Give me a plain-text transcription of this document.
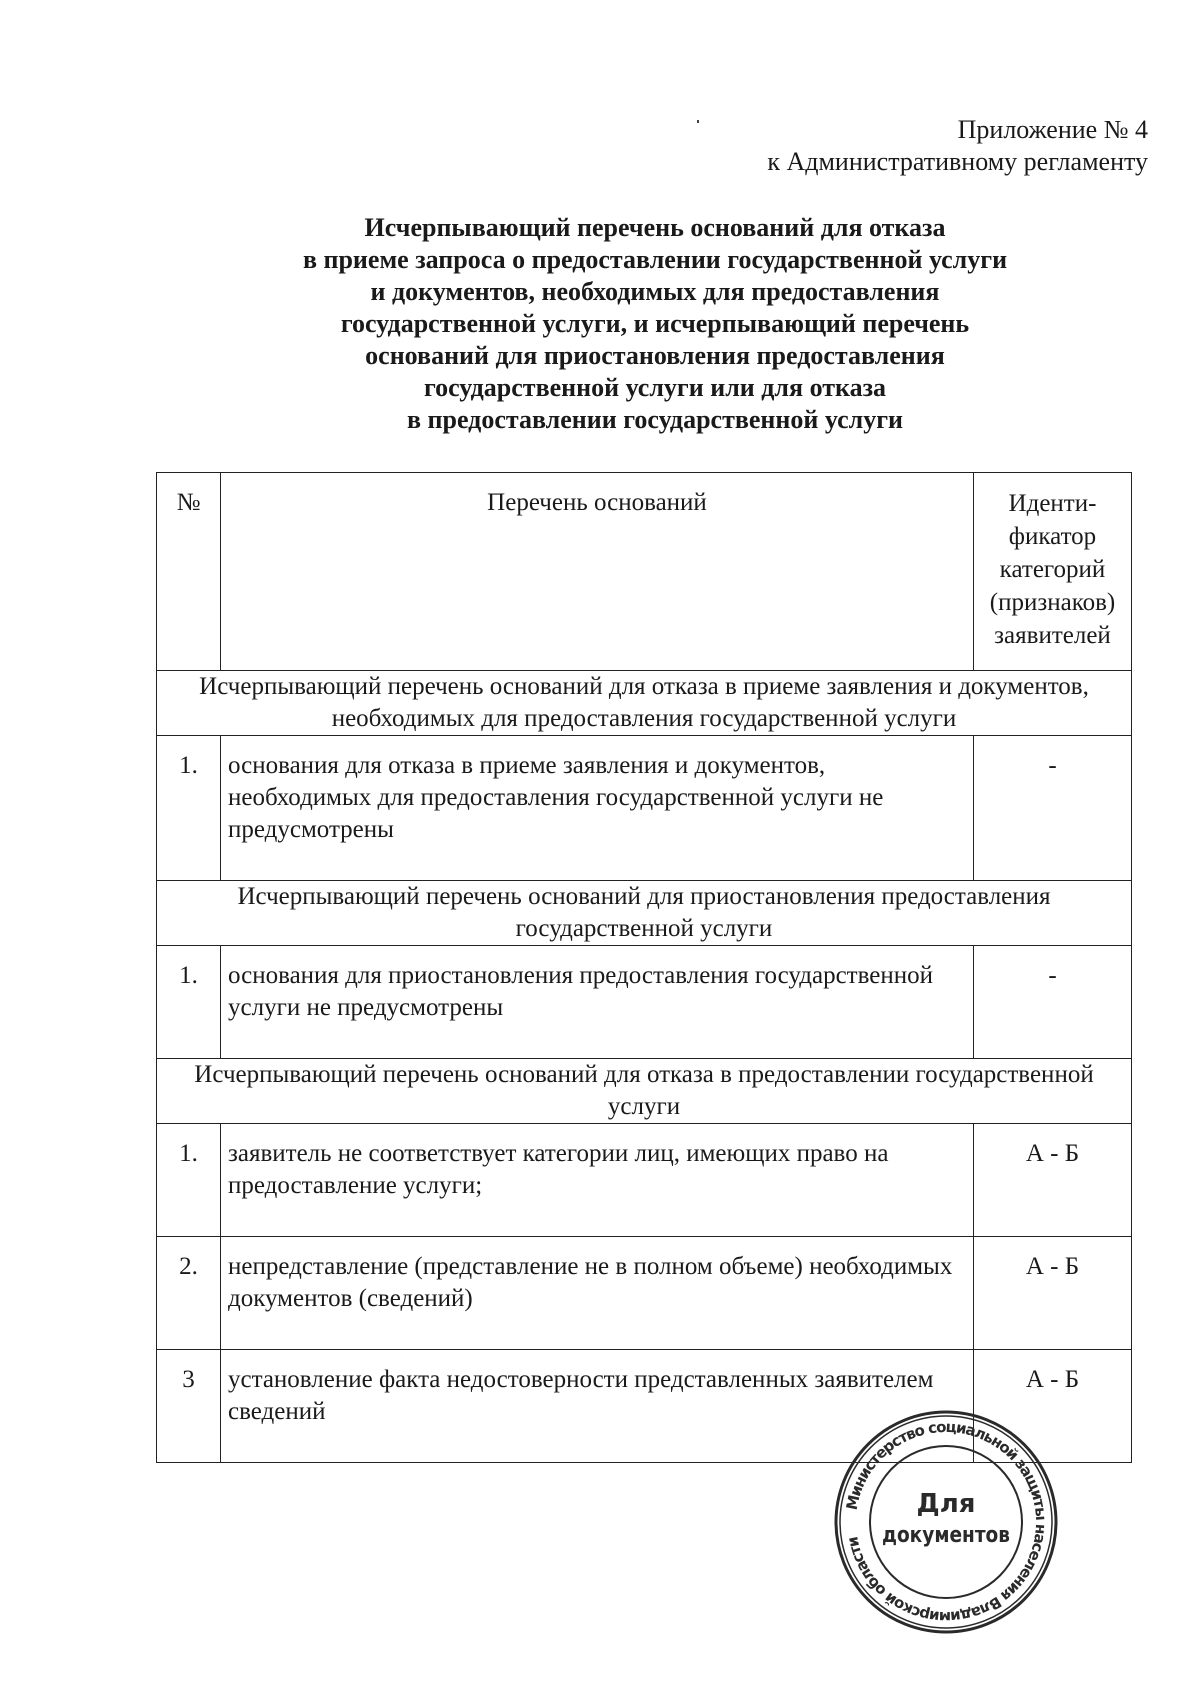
Приложение № 4
к Административному регламенту
Исчерпывающий перечень оснований для отказа
в приеме запроса о предоставлении государственной услуги
и документов, необходимых для предоставления
государственной услуги, и исчерпывающий перечень
оснований для приостановления предоставления
государственной услуги или для отказа
в предоставлении государственной услуги
№	Перечень оснований	Иденти-
фикатор
категорий
(признаков)
заявителей

Исчерпывающий перечень оснований для отказа в приеме заявления и документов, необходимых для предоставления государственной услуги		
1.	основания для отказа в приеме заявления и документов, необходимых для предоставления государственной услуги не предусмотрены	-
Исчерпывающий перечень оснований для приостановления предоставления государственной услуги		
1.	основания для приостановления предоставления государственной услуги не предусмотрены	-
Исчерпывающий перечень оснований для отказа в предоставлении государственной услуги		
1.	заявитель не соответствует категории лиц, имеющих право на предоставление услуги;	А - Б
2.	непредставление (представление не в полном объеме) необходимых документов (сведений)	А - Б
3	установление факта недостоверности представленных заявителем сведений	А - Б
Министерство социальной защиты населения Владимирской области
Для
документов
